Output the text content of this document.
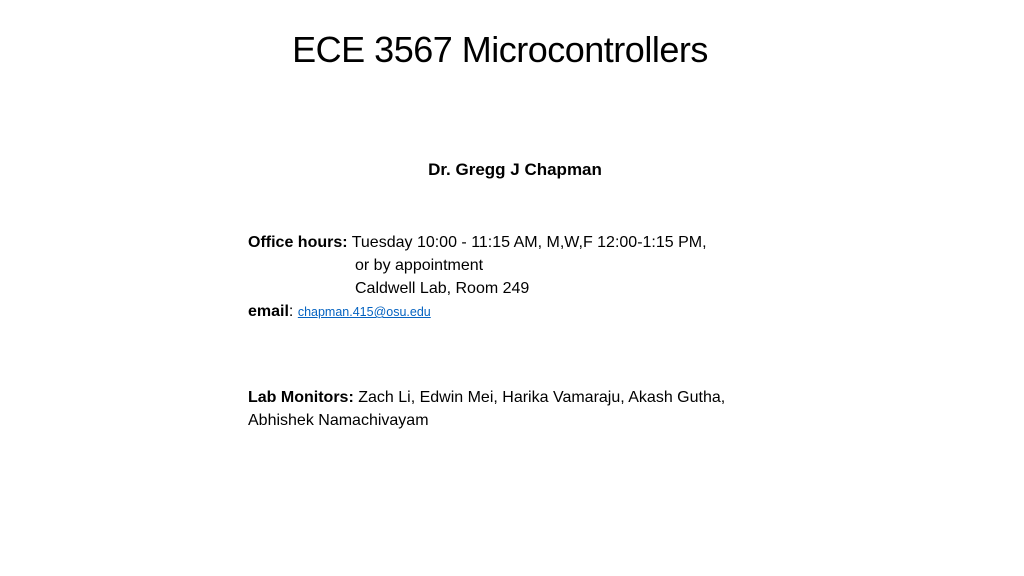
ECE 3567 Microcontrollers
Dr. Gregg J Chapman
Office hours: Tuesday 10:00 - 11:15 AM, M,W,F 12:00-1:15 PM,
or by appointment
Caldwell Lab, Room 249
email: chapman.415@osu.edu
Lab Monitors: Zach Li, Edwin Mei, Harika Vamaraju, Akash Gutha,
Abhishek Namachivayam
